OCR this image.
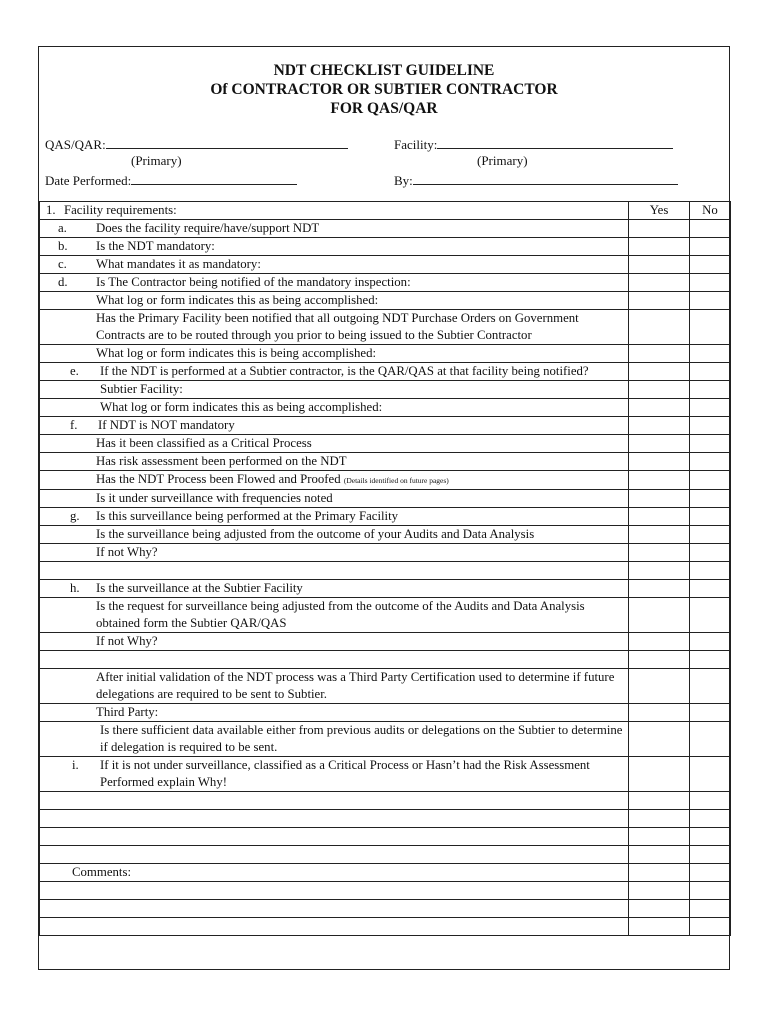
NDT CHECKLIST GUIDELINE
Of CONTRACTOR OR SUBTIER CONTRACTOR
FOR QAS/QAR
QAS/QAR:
(Primary)
Facility:
(Primary)
Date Performed:	By:
1. Facility requirements:	Yes	No

a. Does the facility require/have/support NDT		

b. Is the NDT mandatory:		

c. What mandates it as mandatory:		

d. Is The Contractor being notified of the mandatory inspection:		

What log or form indicates this as being accomplished:		

Has the Primary Facility been notified that all outgoing NDT Purchase Orders on Government Contracts are to be routed through you prior to being issued to the Subtier Contractor		

What log or form indicates this is being accomplished:		

e. If the NDT is performed at a Subtier contractor, is the QAR/QAS at that facility being notified?		

Subtier Facility:		

What log or form indicates this as being accomplished:		

f. If NDT is NOT mandatory		

Has it been classified as a Critical Process		

Has risk assessment been performed on the NDT		

Has the NDT Process been Flowed and Proofed (Details identified on future pages)		

Is it under surveillance with frequencies noted		

g. Is this surveillance being performed at the Primary Facility		

Is the surveillance being adjusted from the outcome of your Audits and Data Analysis		

If not Why?		

h. Is the surveillance at the Subtier Facility		

Is the request for surveillance being adjusted from the outcome of the Audits and Data Analysis obtained form the Subtier QAR/QAS		

If not Why?		

After initial validation of the NDT process was a Third Party Certification used to determine if future delegations are required to be sent to Subtier.		

Third Party:		

Is there sufficient data available either from previous audits or delegations on the Subtier to determine if delegation is required to be sent.		

i. If it is not under surveillance, classified as a Critical Process or Hasn’t had the Risk Assessment Performed explain Why!		

Comments:		
